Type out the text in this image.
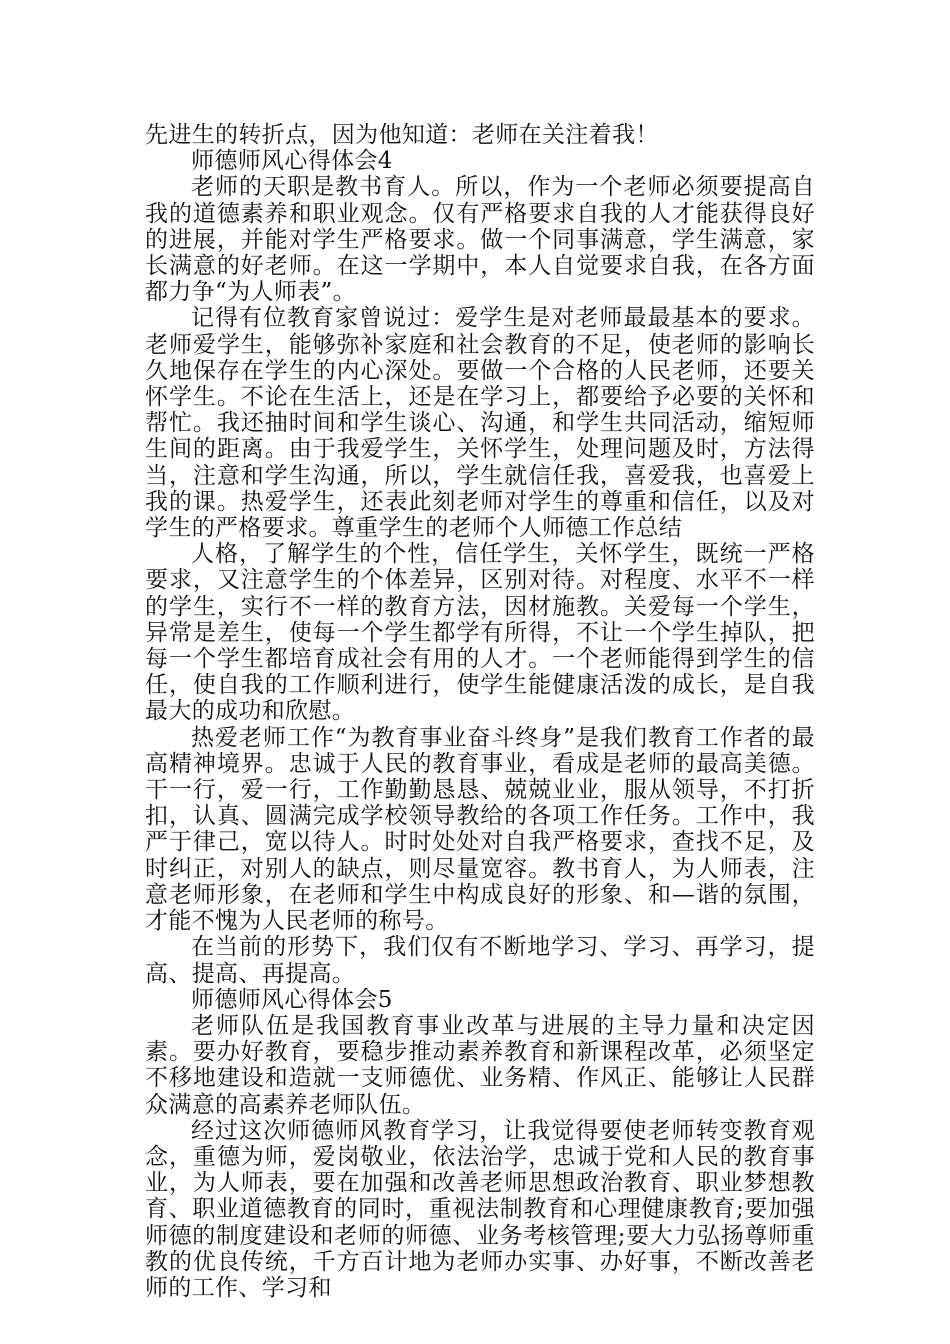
先进生的转折点，因为他知道：老师在关注着我！

师德师风心得体会4

老师的天职是教书育人。所以，作为一个老师必须要提高自我的道德素养和职业观念。仅有严格要求自我的人才能获得良好的进展，并能对学生严格要求。做一个同事满意，学生满意，家长满意的好老师。在这一学期中，本人自觉要求自我，在各方面都力争“为人师表”。

记得有位教育家曾说过：爱学生是对老师最最基本的要求。老师爱学生，能够弥补家庭和社会教育的不足，使老师的影响长久地保存在学生的内心深处。要做一个合格的人民老师，还要关怀学生。不论在生活上，还是在学习上，都要给予必要的关怀和帮忙。我还抽时间和学生谈心、沟通，和学生共同活动，缩短师生间的距离。由于我爱学生，关怀学生，处理问题及时，方法得当，注意和学生沟通，所以，学生就信任我，喜爱我，也喜爱上我的课。热爱学生，还表此刻老师对学生的尊重和信任，以及对学生的严格要求。尊重学生的老师个人师德工作总结

人格，了解学生的个性，信任学生，关怀学生，既统一严格要求，又注意学生的个体差异，区别对待。对程度、水平不一样的学生，实行不一样的教育方法，因材施教。关爱每一个学生，异常是差生，使每一个学生都学有所得，不让一个学生掉队，把每一个学生都培育成社会有用的人才。一个老师能得到学生的信任，使自我的工作顺利进行，使学生能健康活泼的成长，是自我最大的成功和欣慰。

热爱老师工作“为教育事业奋斗终身”是我们教育工作者的最高精神境界。忠诚于人民的教育事业，看成是老师的最高美德。干一行，爱一行，工作勤勤恳恳、兢兢业业，服从领导，不打折扣，认真、圆满完成学校领导教给的各项工作任务。工作中，我严于律己，宽以待人。时时处处对自我严格要求，查找不足，及时纠正，对别人的缺点，则尽量宽容。教书育人，为人师表，注意老师形象，在老师和学生中构成良好的形象、和—谐的氛围，才能不愧为人民老师的称号。

在当前的形势下，我们仅有不断地学习、学习、再学习，提高、提高、再提高。

师德师风心得体会5

老师队伍是我国教育事业改革与进展的主导力量和决定因素。要办好教育，要稳步推动素养教育和新课程改革，必须坚定不移地建设和造就一支师德优、业务精、作风正、能够让人民群众满意的高素养老师队伍。

经过这次师德师风教育学习，让我觉得要使老师转变教育观念，重德为师，爱岗敬业，依法治学，忠诚于党和人民的教育事业，为人师表，要在加强和改善老师思想政治教育、职业梦想教育、职业道德教育的同时，重视法制教育和心理健康教育;要加强师德的制度建设和老师的师德、业务考核管理;要大力弘扬尊师重教的优良传统，千方百计地为老师办实事、办好事，不断改善老师的工作、学习和
